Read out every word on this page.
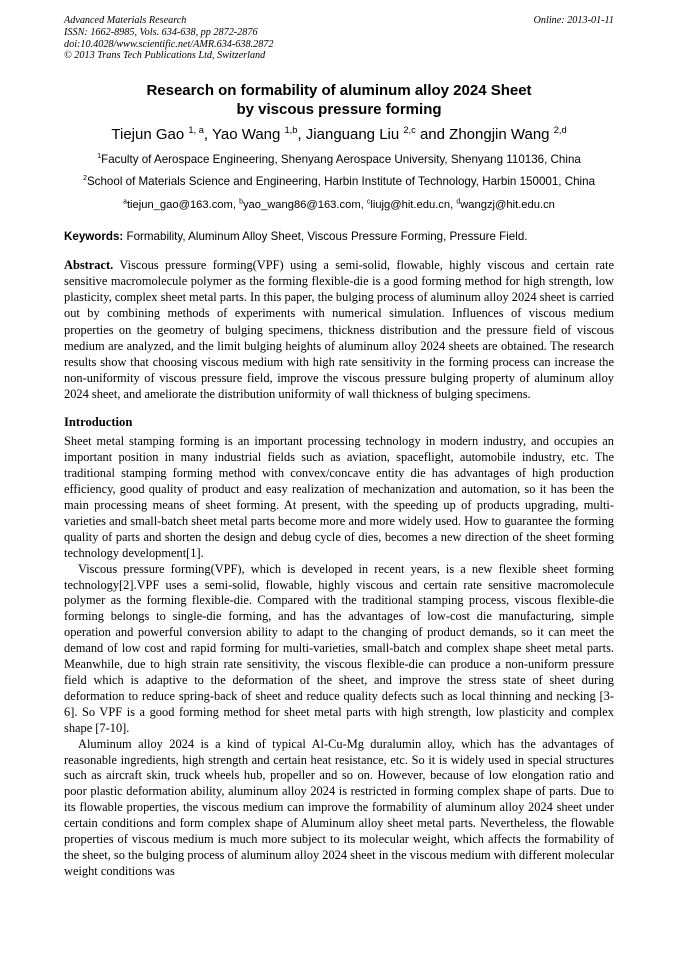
Advanced Materials Research
ISSN: 1662-8985, Vols. 634-638, pp 2872-2876
doi:10.4028/www.scientific.net/AMR.634-638.2872
© 2013 Trans Tech Publications Ltd, Switzerland
Online: 2013-01-11
Research on formability of aluminum alloy 2024 Sheet
by viscous pressure forming
Tiejun Gao $^{1, a}$, Yao Wang $^{1,b}$, Jianguang Liu $^{2,c}$ and Zhongjin Wang $^{2,d}$
$^1$Faculty of Aerospace Engineering, Shenyang Aerospace University, Shenyang 110136, China
$^2$School of Materials Science and Engineering, Harbin Institute of Technology, Harbin 150001, China
$^a$tiejun_gao@163.com, $^b$yao_wang86@163.com, $^c$liujg@hit.edu.cn, $^d$wangzj@hit.edu.cn
Keywords: Formability, Aluminum Alloy Sheet, Viscous Pressure Forming, Pressure Field.

Abstract. Viscous pressure forming(VPF) using a semi-solid, flowable, highly viscous and certain rate sensitive macromolecule polymer as the forming flexible-die is a good forming method for high strength, low plasticity, complex sheet metal parts. In this paper, the bulging process of aluminum alloy 2024 sheet is carried out by combining methods of experiments with numerical simulation. Influences of viscous medium properties on the geometry of bulging specimens, thickness distribution and the pressure field of viscous medium are analyzed, and the limit bulging heights of aluminum alloy 2024 sheets are obtained. The research results show that choosing viscous medium with high rate sensitivity in the forming process can increase the non-uniformity of viscous pressure field, improve the viscous pressure bulging property of aluminum alloy 2024 sheet, and ameliorate the distribution uniformity of wall thickness of bulging specimens.

Introduction

Sheet metal stamping forming is an important processing technology in modern industry, and occupies an important position in many industrial fields such as aviation, spaceflight, automobile industry, etc. The traditional stamping forming method with convex/concave entity die has advantages of high production efficiency, good quality of product and easy realization of mechanization and automation, so it has been the main processing means of sheet forming. At present, with the speeding up of products upgrading, multi-varieties and small-batch sheet metal parts become more and more widely used. How to guarantee the forming quality of parts and shorten the design and debug cycle of dies, becomes a new direction of the sheet forming technology development[1].

Viscous pressure forming(VPF), which is developed in recent years, is a new flexible sheet forming technology[2].VPF uses a semi-solid, flowable, highly viscous and certain rate sensitive macromolecule polymer as the forming flexible-die. Compared with the traditional stamping process, viscous flexible-die forming belongs to single-die forming, and has the advantages of low-cost die manufacturing, simple operation and powerful conversion ability to adapt to the changing of product demands, so it can meet the demand of low cost and rapid forming for multi-varieties, small-batch and complex shape sheet metal parts. Meanwhile, due to high strain rate sensitivity, the viscous flexible-die can produce a non-uniform pressure field which is adaptive to the deformation of the sheet, and improve the stress state of sheet during deformation to reduce spring-back of sheet and reduce quality defects such as local thinning and necking [3-6]. So VPF is a good forming method for sheet metal parts with high strength, low plasticity and complex shape [7-10].

Aluminum alloy 2024 is a kind of typical Al-Cu-Mg duralumin alloy, which has the advantages of reasonable ingredients, high strength and certain heat resistance, etc. So it is widely used in special structures such as aircraft skin, truck wheels hub, propeller and so on. However, because of low elongation ratio and poor plastic deformation ability, aluminum alloy 2024 is restricted in forming complex shape of parts. Due to its flowable properties, the viscous medium can improve the formability of aluminum alloy 2024 sheet under certain conditions and form complex shape of Aluminum alloy sheet metal parts. Nevertheless, the flowable properties of viscous medium is much more subject to its molecular weight, which affects the formability of the sheet, so the bulging process of aluminum alloy 2024 sheet in the viscous medium with different molecular weight conditions was
